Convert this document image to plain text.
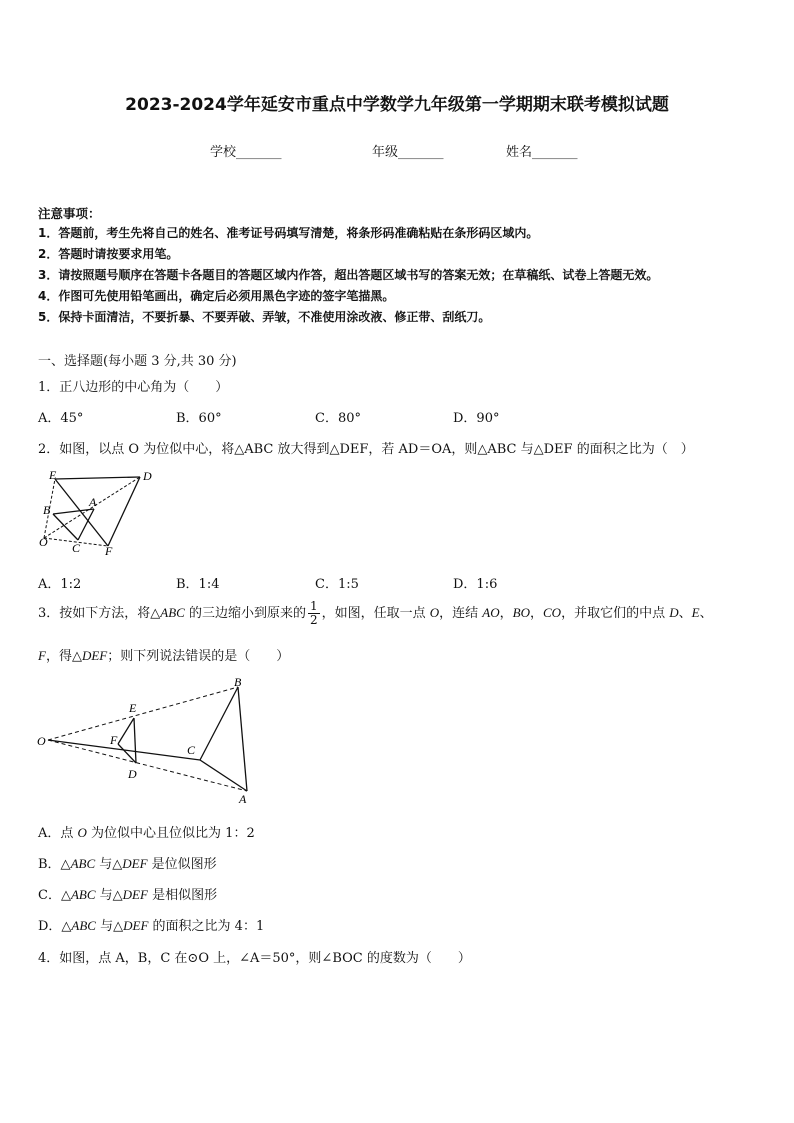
2023-2024学年延安市重点中学数学九年级第一学期期末联考模拟试题
学校_______	年级_______	姓名_______
注意事项：
1．答题前，考生先将自己的姓名、准考证号码填写清楚，将条形码准确粘贴在条形码区域内。
2．答题时请按要求用笔。
3．请按照题号顺序在答题卡各题目的答题区域内作答，超出答题区域书写的答案无效；在草稿纸、试卷上答题无效。
4．作图可先使用铅笔画出，确定后必须用黑色字迹的签字笔描黑。
5．保持卡面清洁，不要折暴、不要弄破、弄皱，不准使用涂改液、修正带、刮纸刀。
一、选择题(每小题 3 分,共 30 分)
1．正八边形的中心角为（　　）
A．45°	B．60°	C．80°	D．90°
2．如图，以点 O 为位似中心，将△ABC 放大得到△DEF，若 AD＝OA，则△ABC 与△DEF 的面积之比为（　）
E	D
A
B
O C F
A．1:2	B．1:4	C．1:5	D．1:6
3．按如下方法，将△ABC 的三边缩小到原来的 $\frac{1}{2}$ ，如图，任取一点 O，连结 AO，BO，CO，并取它们的中点 D、E、
F，得△DEF；则下列说法错误的是（　　）
B
E
O	F
C
D
A
A．点 O 为位似中心且位似比为 1：2
B．△ABC 与△DEF 是位似图形
C．△ABC 与△DEF 是相似图形
D．△ABC 与△DEF 的面积之比为 4：1
4．如图，点 A，B，C 在⊙O 上，∠A＝50°，则∠BOC 的度数为（　　）
